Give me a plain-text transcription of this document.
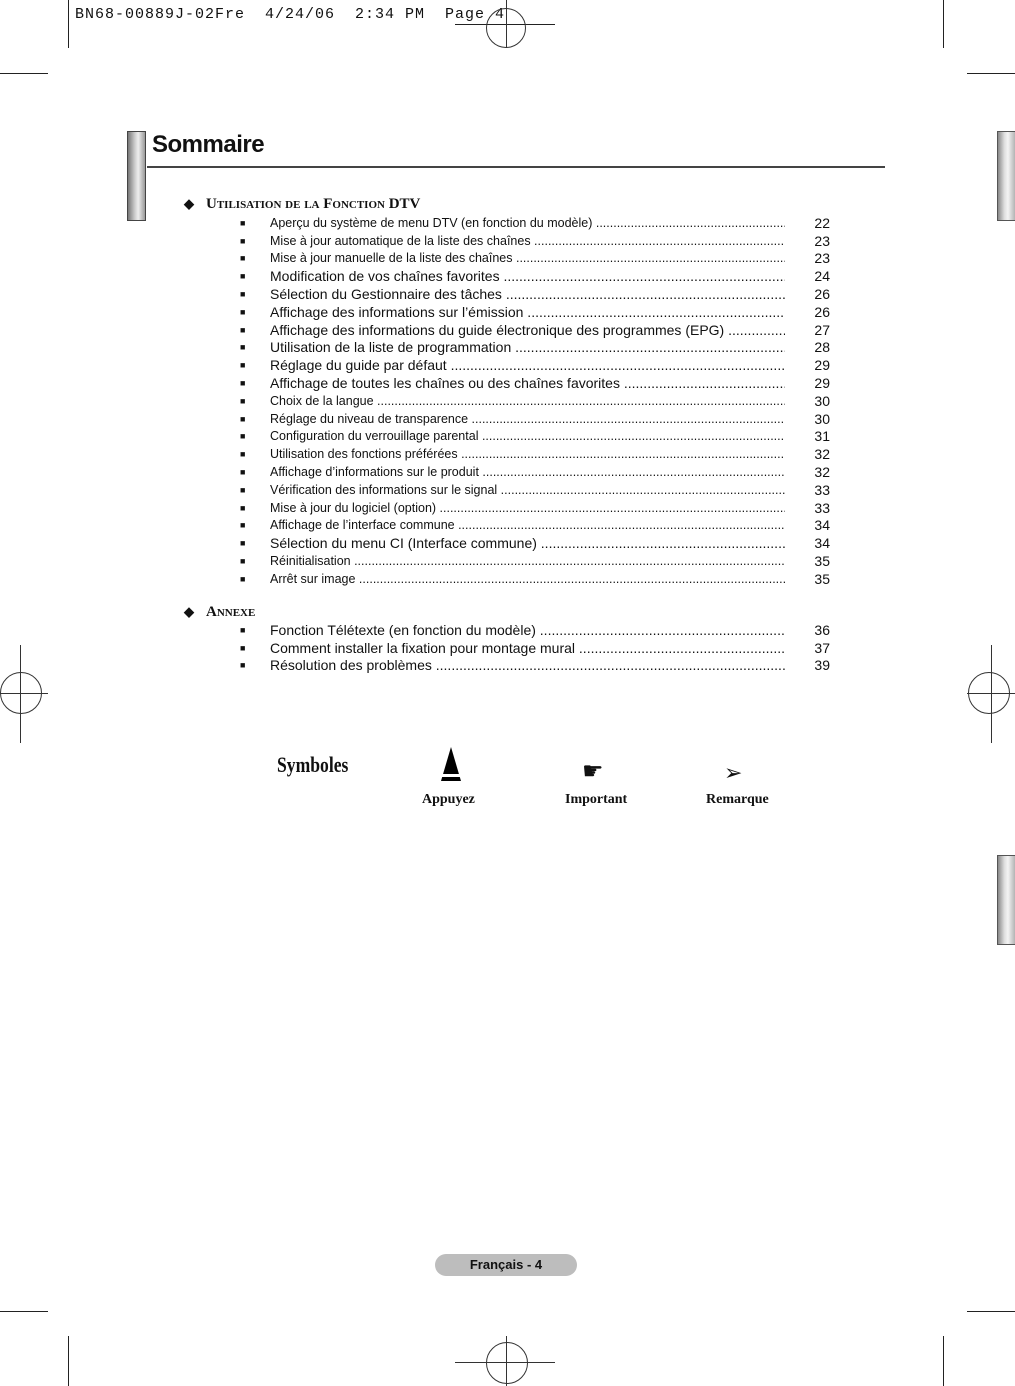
BN68-00889J-02Fre  4/24/06  2:34 PM  Page 4
Sommaire
◆ Utilisation de la Fonction DTV
■	Aperçu du système de menu DTV (en fonction du modèle) .....	22
■	Mise à jour automatique de la liste des chaînes .....	23
■	Mise à jour manuelle de la liste des chaînes .....	23
■	Modification de vos chaînes favorites .....	24
■	Sélection du Gestionnaire des tâches .....	26
■	Affichage des informations sur l’émission .....	26
■	Affichage des informations du guide électronique des programmes (EPG) .....	27
■	Utilisation de la liste de programmation .....	28
■	Réglage du guide par défaut .....	29
■	Affichage de toutes les chaînes ou des chaînes favorites .....	29
■	Choix de la langue .....	30
■	Réglage du niveau de transparence .....	30
■	Configuration du verrouillage parental .....	31
■	Utilisation des fonctions préférées .....	32
■	Affichage d’informations sur le produit .....	32
■	Vérification des informations sur le signal .....	33
■	Mise à jour du logiciel (option) .....	33
■	Affichage de l’interface commune .....	34
■	Sélection du menu CI (Interface commune) .....	34
■	Réinitialisation .....	35
■	Arrêt sur image .....	35
◆ Annexe
■	Fonction Télétexte (en fonction du modèle) .....	36
■	Comment installer la fixation pour montage mural .....	37
■	Résolution des problèmes .....	39
Symboles	☛	➢
Appuyez	Important	Remarque
Français - 4
